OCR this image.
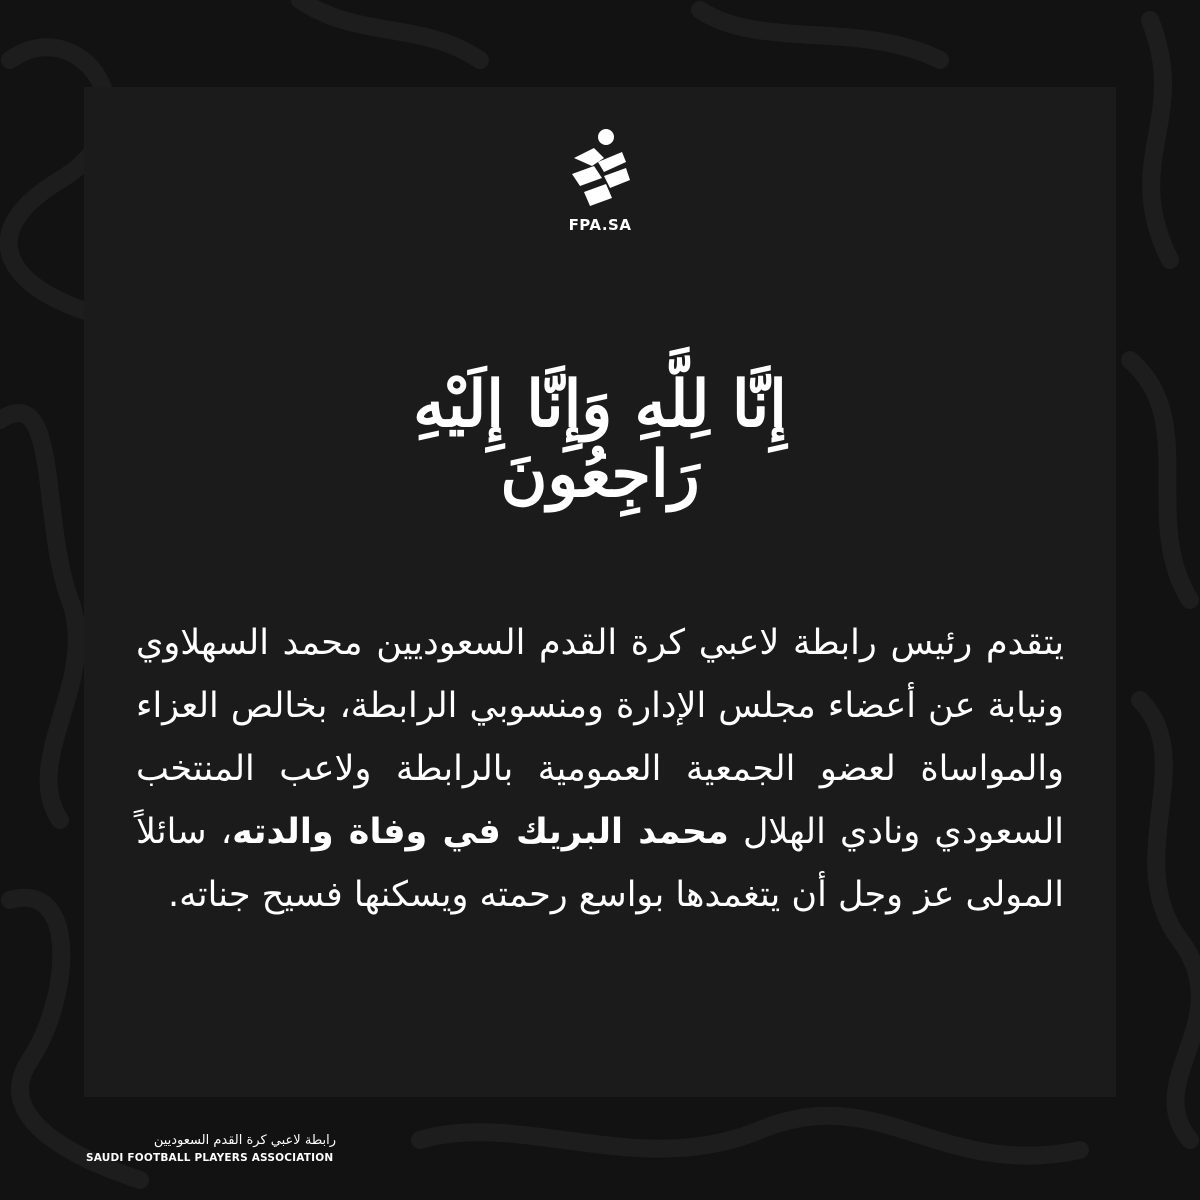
FPA.SA
إِنَّا لِلَّهِ وَإِنَّا إِلَيْهِ رَاجِعُونَ
يتقدم رئيس رابطة لاعبي كرة القدم السعوديين محمد السهلاوي ونيابة عن أعضاء مجلس الإدارة ومنسوبي الرابطة، بخالص العزاء والمواساة لعضو الجمعية العمومية بالرابطة ولاعب المنتخب السعودي ونادي الهلال محمد البريك في وفاة والدته، سائلاً المولى عز وجل أن يتغمدها بواسع رحمته ويسكنها فسيح جناته.
رابطة لاعبي كرة القدم السعوديين
SAUDI FOOTBALL PLAYERS ASSOCIATION
